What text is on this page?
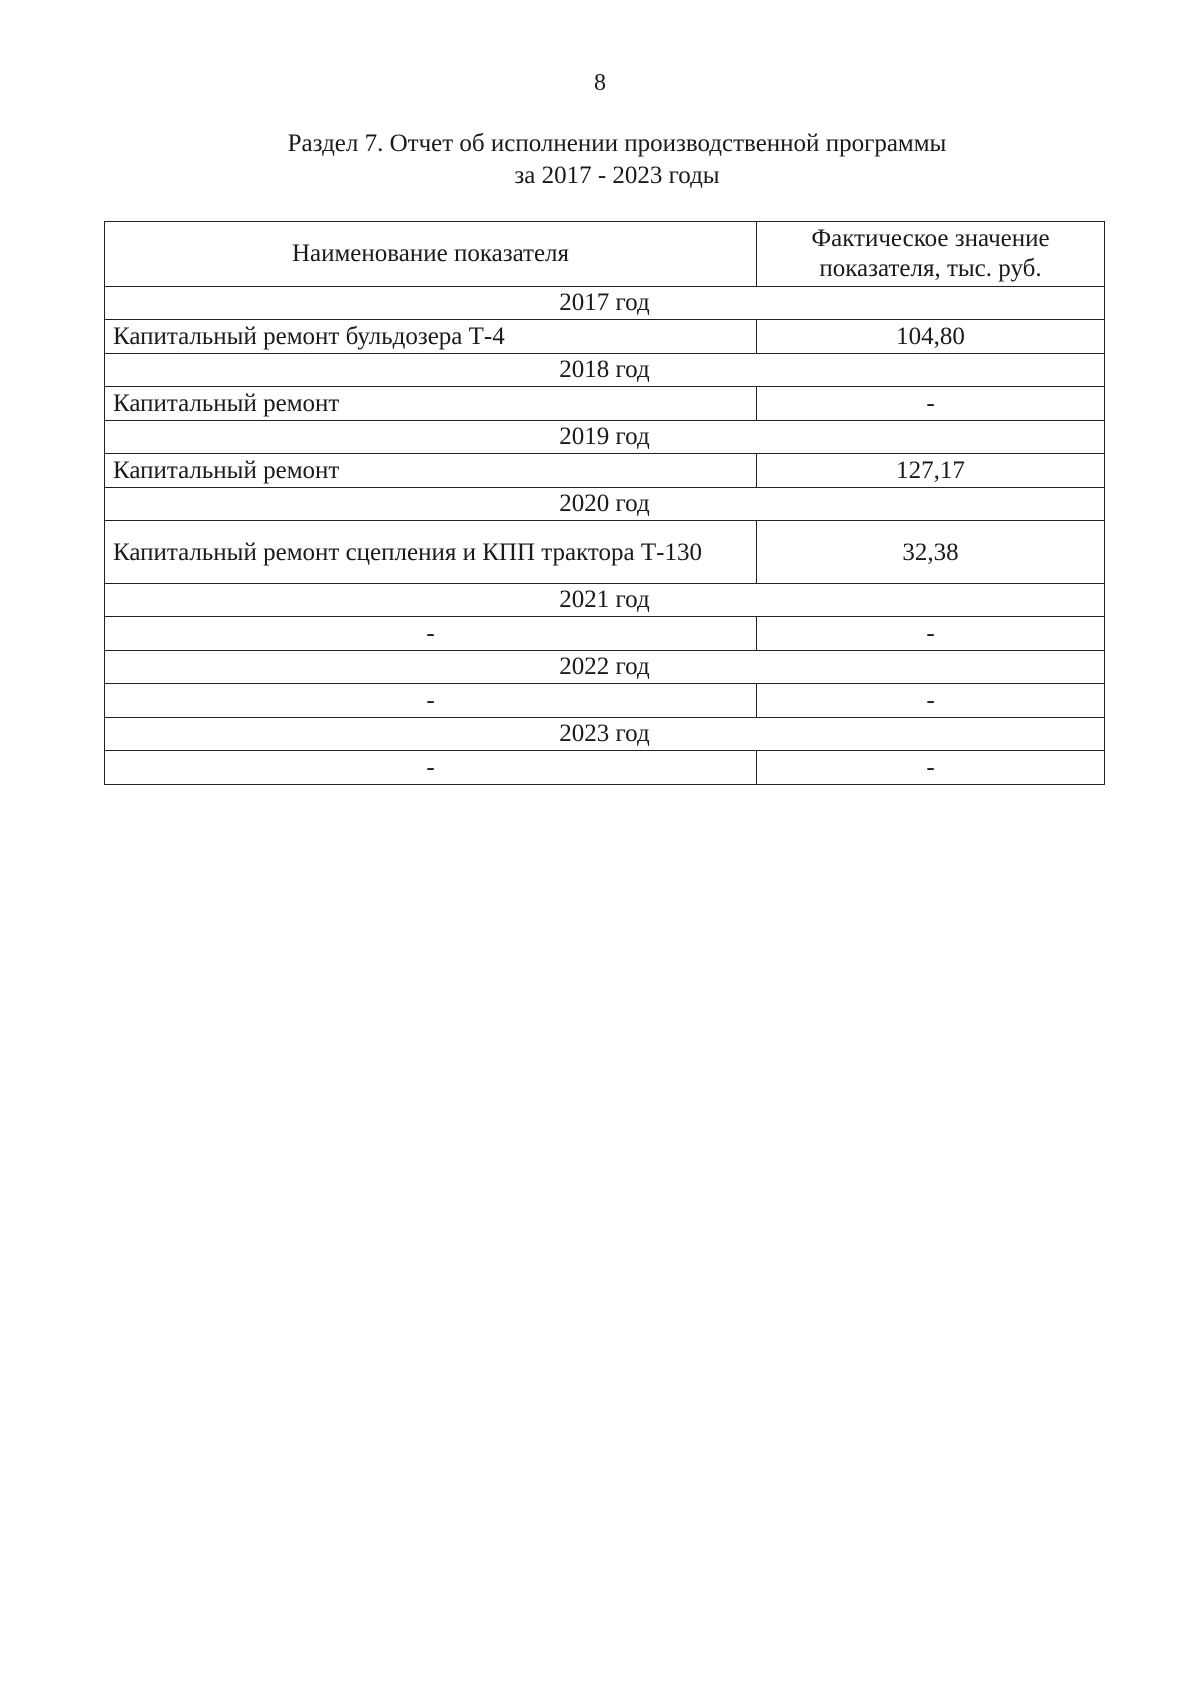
8
Раздел 7. Отчет об исполнении производственной программы
за 2017 - 2023 годы
Наименование показателя	Фактическое значение показателя, тыс. руб.
2017 год	
Капитальный ремонт бульдозера Т-4	104,80
2018 год	
Капитальный ремонт	-
2019 год	
Капитальный ремонт	127,17
2020 год	
Капитальный ремонт сцепления и КПП трактора Т-130	32,38
2021 год	
-	-
2022 год	
-	-
2023 год	
-	-
